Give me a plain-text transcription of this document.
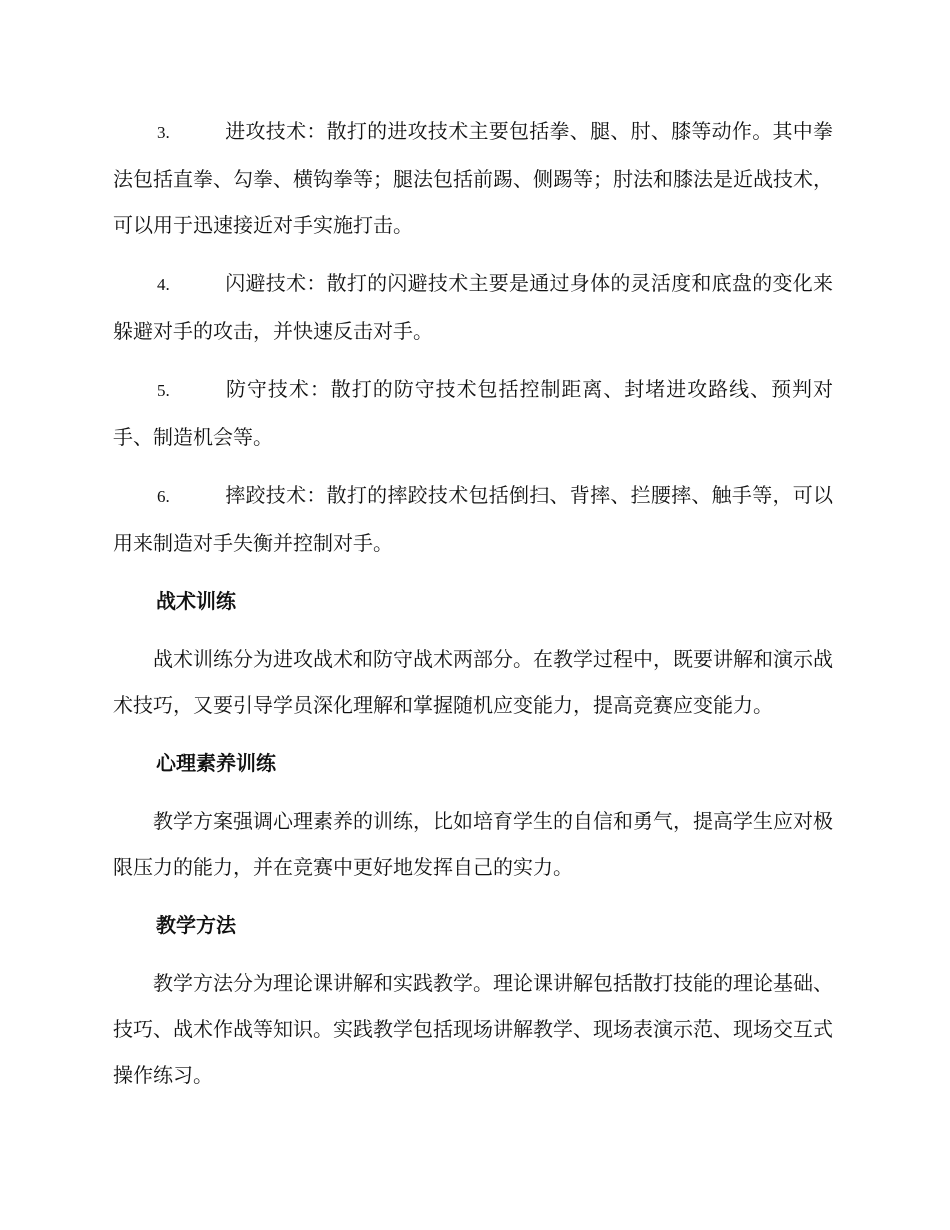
3.	进攻技术：散打的进攻技术主要包括拳、腿、肘、膝等动作。其中拳法包括直拳、勾拳、横钩拳等；腿法包括前踢、侧踢等；肘法和膝法是近战技术，可以用于迅速接近对手实施打击。

4.	闪避技术：散打的闪避技术主要是通过身体的灵活度和底盘的变化来躲避对手的攻击，并快速反击对手。

5.	防守技术：散打的防守技术包括控制距离、封堵进攻路线、预判对手、制造机会等。

6.	摔跤技术：散打的摔跤技术包括倒扫、背摔、拦腰摔、触手等，可以用来制造对手失衡并控制对手。

战术训练

战术训练分为进攻战术和防守战术两部分。在教学过程中，既要讲解和演示战术技巧，又要引导学员深化理解和掌握随机应变能力，提高竞赛应变能力。

心理素养训练

教学方案强调心理素养的训练，比如培育学生的自信和勇气，提高学生应对极限压力的能力，并在竞赛中更好地发挥自己的实力。

教学方法

教学方法分为理论课讲解和实践教学。理论课讲解包括散打技能的理论基础、技巧、战术作战等知识。实践教学包括现场讲解教学、现场表演示范、现场交互式操作练习。
